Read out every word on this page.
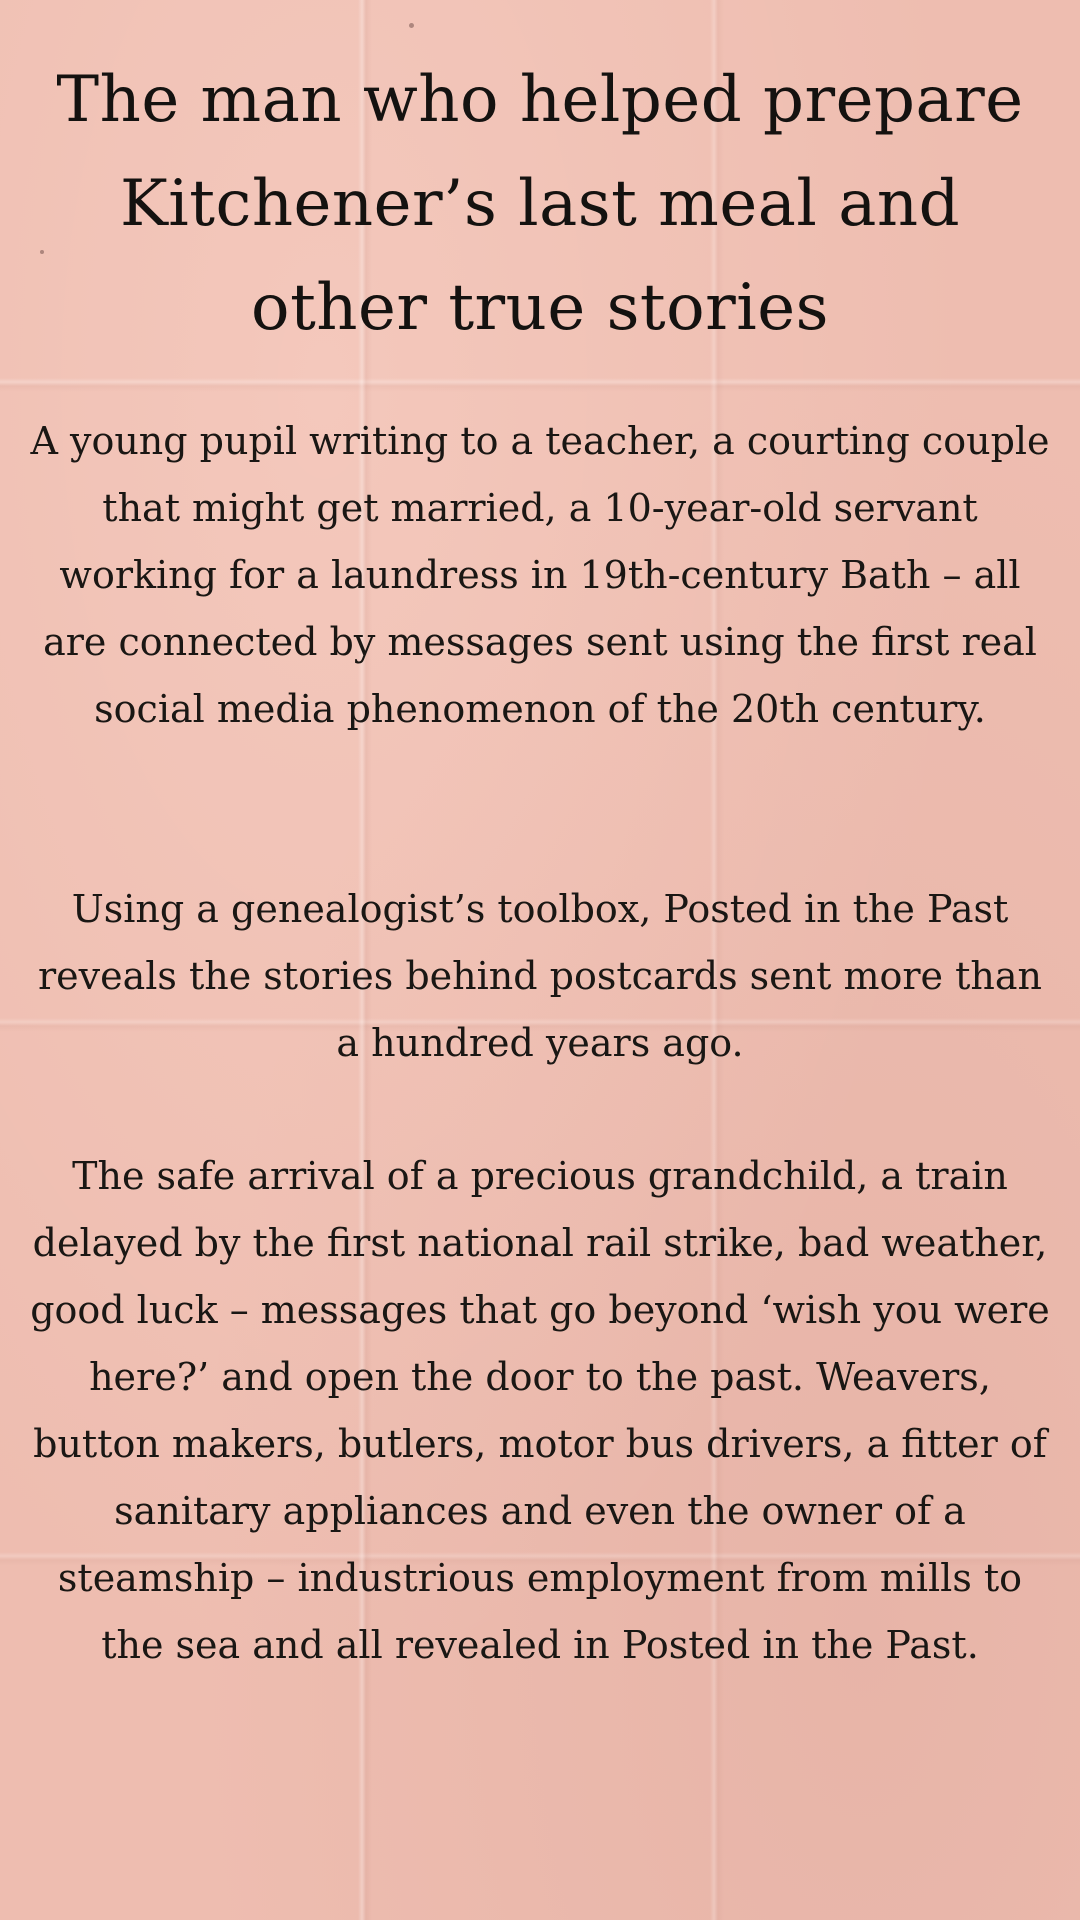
The man who helped prepare Kitchener’s last meal and other true stories

A young pupil writing to a teacher, a courting couple that might get married, a 10-year-old servant working for a laundress in 19th-century Bath – all are connected by messages sent using the first real social media phenomenon of the 20th century.

Using a genealogist’s toolbox, Posted in the Past reveals the stories behind postcards sent more than a hundred years ago.

The safe arrival of a precious grandchild, a train delayed by the first national rail strike, bad weather, good luck – messages that go beyond ‘wish you were here?’ and open the door to the past. Weavers, button makers, butlers, motor bus drivers, a fitter of sanitary appliances and even the owner of a steamship – industrious employment from mills to the sea and all revealed in Posted in the Past.
